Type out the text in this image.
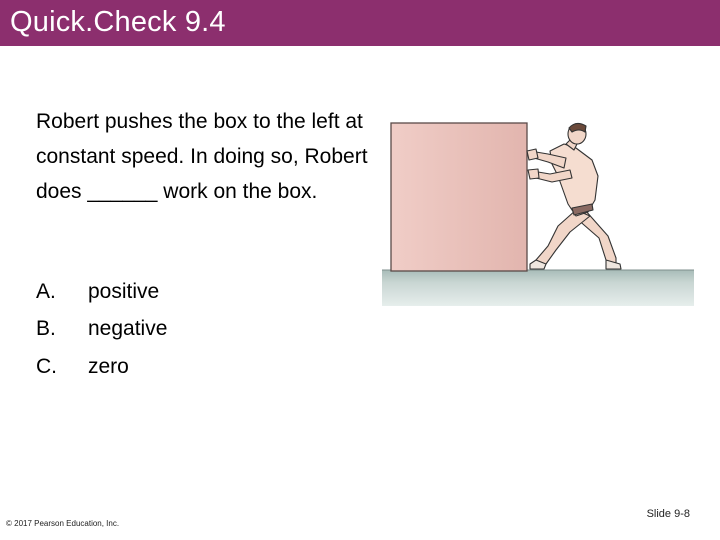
Quick.Check 9.4
Robert pushes the box to the left at constant speed. In doing so, Robert does ______ work on the box.
A. positive
B. negative
C. zero
© 2017 Pearson Education, Inc.
Slide 9-8
